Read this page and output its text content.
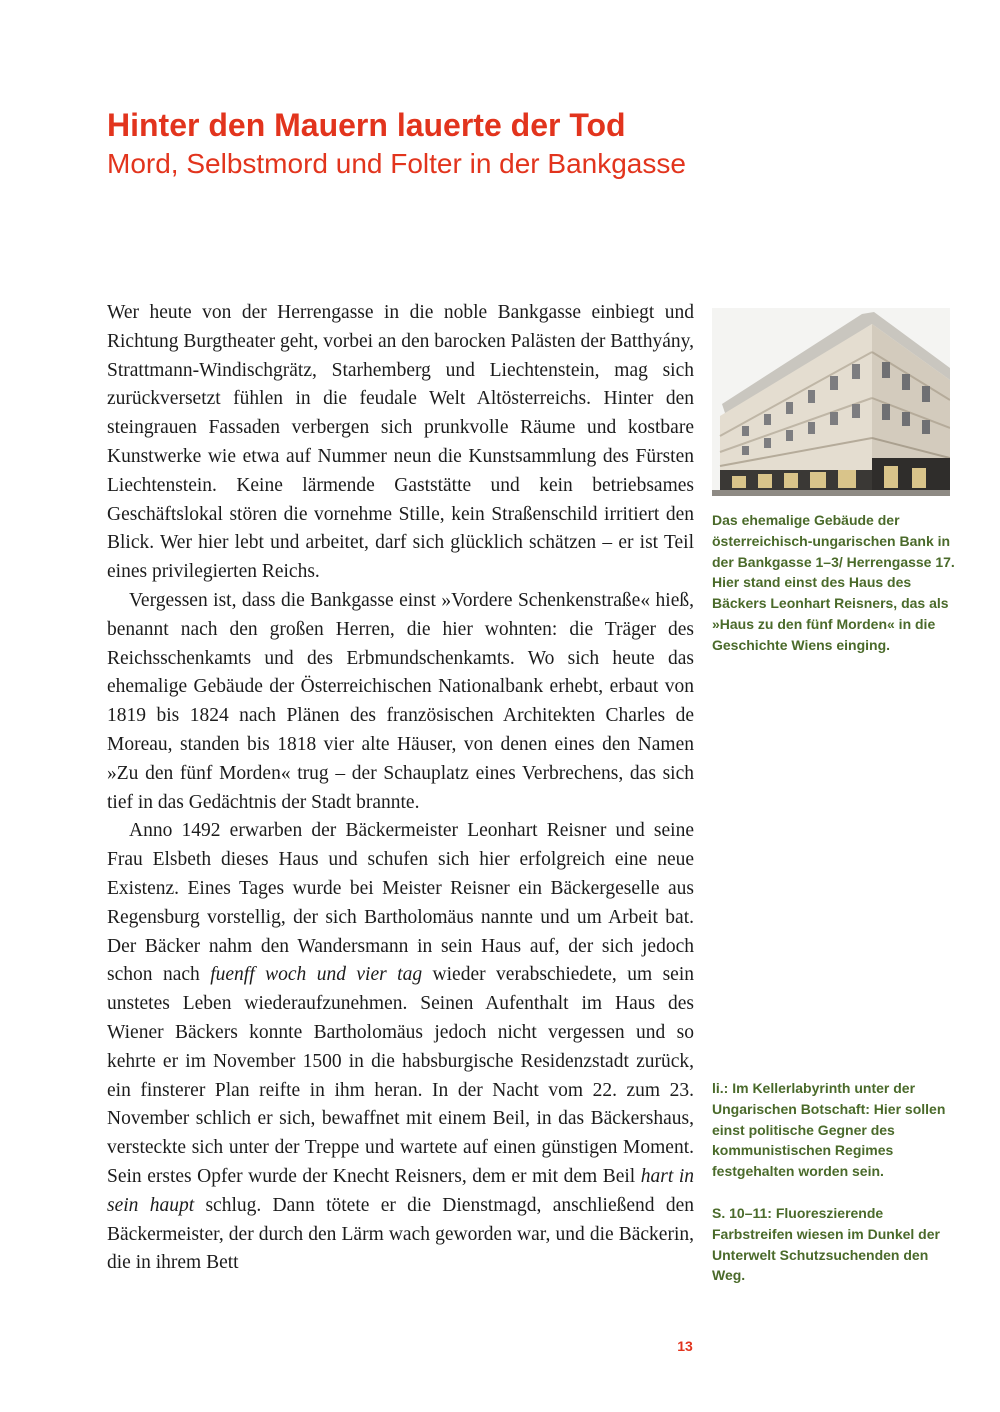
Hinter den Mauern lauerte der Tod
Mord, Selbstmord und Folter in der Bankgasse

Wer heute von der Herrengasse in die noble Bankgasse einbiegt und Richtung Burgtheater geht, vorbei an den barocken Palästen der Batthyány, Strattmann-Windischgrätz, Starhemberg und Liechtenstein, mag sich zurückversetzt fühlen in die feudale Welt Altösterreichs. Hinter den steingrauen Fassaden verbergen sich prunkvolle Räume und kostbare Kunstwerke wie etwa auf Nummer neun die Kunstsammlung des Fürsten Liechtenstein. Keine lärmende Gaststätte und kein betriebsames Geschäftslokal stören die vornehme Stille, kein Straßenschild irritiert den Blick. Wer hier lebt und arbeitet, darf sich glücklich schätzen – er ist Teil eines privilegierten Reichs.

Vergessen ist, dass die Bankgasse einst »Vordere Schenkenstraße« hieß, benannt nach den großen Herren, die hier wohnten: die Träger des Reichsschenkamts und des Erbmundschenkamts. Wo sich heute das ehemalige Gebäude der Österreichischen Nationalbank erhebt, erbaut von 1819 bis 1824 nach Plänen des französischen Architekten Charles de Moreau, standen bis 1818 vier alte Häuser, von denen eines den Namen »Zu den fünf Morden« trug – der Schauplatz eines Verbrechens, das sich tief in das Gedächtnis der Stadt brannte.

Anno 1492 erwarben der Bäckermeister Leonhart Reisner und seine Frau Elsbeth dieses Haus und schufen sich hier erfolgreich eine neue Existenz. Eines Tages wurde bei Meister Reisner ein Bäckergeselle aus Regensburg vorstellig, der sich Bartholomäus nannte und um Arbeit bat. Der Bäcker nahm den Wandersmann in sein Haus auf, der sich jedoch schon nach fuenff woch und vier tag wieder verabschiedete, um sein unstetes Leben wiederaufzunehmen. Seinen Aufenthalt im Haus des Wiener Bäckers konnte Bartholomäus jedoch nicht vergessen und so kehrte er im November 1500 in die habsburgische Residenzstadt zurück, ein finsterer Plan reifte in ihm heran. In der Nacht vom 22. zum 23. November schlich er sich, bewaffnet mit einem Beil, in das Bäckershaus, versteckte sich unter der Treppe und wartete auf einen günstigen Moment. Sein erstes Opfer wurde der Knecht Reisners, dem er mit dem Beil hart in sein haupt schlug. Dann tötete er die Dienstmagd, anschließend den Bäckermeister, der durch den Lärm wach geworden war, und die Bäckerin, die in ihrem Bett

Das ehemalige Gebäude der österreichisch-ungarischen Bank in der Bankgasse 1–3/ Herrengasse 17. Hier stand einst des Haus des Bäckers Leonhart Reisners, das als »Haus zu den fünf Morden« in die Geschichte Wiens einging.

li.: Im Kellerlabyrinth unter der Ungarischen Botschaft: Hier sollen einst politische Gegner des kommunistischen Regimes festgehalten worden sein.

S. 10–11: Fluoreszierende Farbstreifen wiesen im Dunkel der Unterwelt Schutzsuchenden den Weg.

13
